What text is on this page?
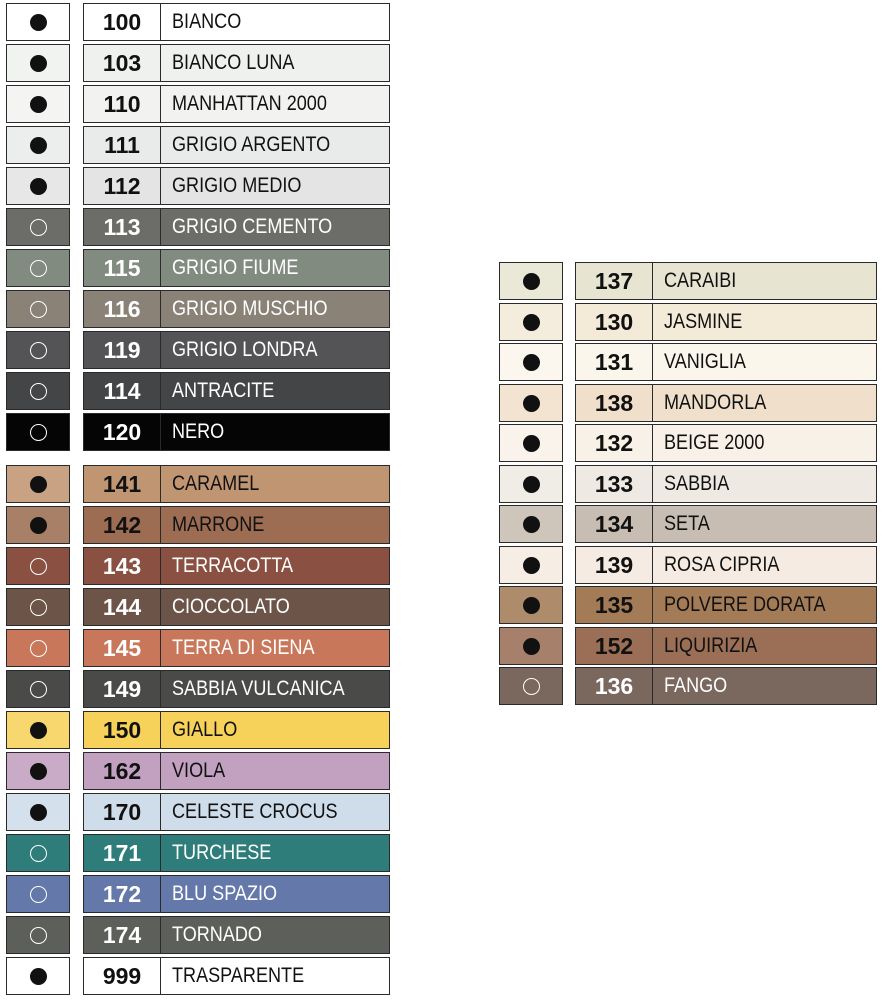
100	BIANCO
103	BIANCO LUNA
110	MANHATTAN 2000
111	GRIGIO ARGENTO
112	GRIGIO MEDIO
113	GRIGIO CEMENTO
115	GRIGIO FIUME
116	GRIGIO MUSCHIO
119	GRIGIO LONDRA
114	ANTRACITE
120	NERO
141	CARAMEL
142	MARRONE
143	TERRACOTTA
144	CIOCCOLATO
145	TERRA DI SIENA
149	SABBIA VULCANICA
150	GIALLO
162	VIOLA
170	CELESTE CROCUS
171	TURCHESE
172	BLU SPAZIO
174	TORNADO
999	TRASPARENTE
137	CARAIBI
130	JASMINE
131	VANIGLIA
138	MANDORLA
132	BEIGE 2000
133	SABBIA
134	SETA
139	ROSA CIPRIA
135	POLVERE DORATA
152	LIQUIRIZIA
136	FANGO
